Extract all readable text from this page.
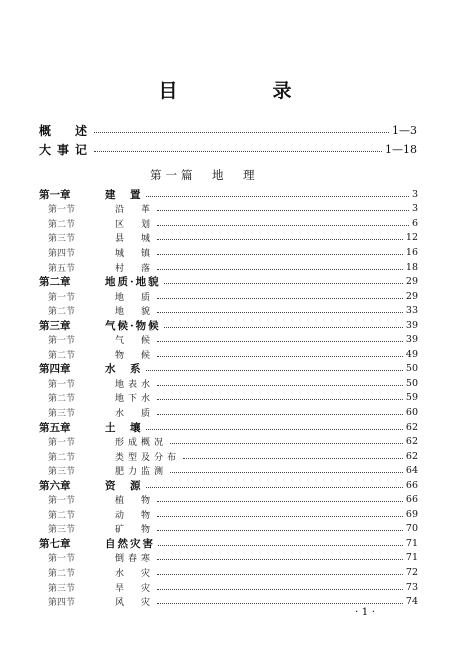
目　录
概　述	1—3
大事记	1—18
第一篇　地　理
第一章	建　置	3
第一节	沿　革	3
第二节	区　划	6
第三节	县　城	12
第四节	城　镇	16
第五节	村　落	18
第二章	地质·地貌	29
第一节	地　质	29
第二节	地　貌	33
第三章	气候·物候	39
第一节	气　候	39
第二节	物　候	49
第四章	水　系	50
第一节	地表水	50
第二节	地下水	59
第三节	水　质	60
第五章	土　壤	62
第一节	形成概况	62
第二节	类型及分布	62
第三节	肥力监测	64
第六章	资　源	66
第一节	植　物	66
第二节	动　物	69
第三节	矿　物	70
第七章	自然灾害	71
第一节	倒春寒	71
第二节	水　灾	72
第三节	旱　灾	73
第四节	风　灾	74
· 1 ·
